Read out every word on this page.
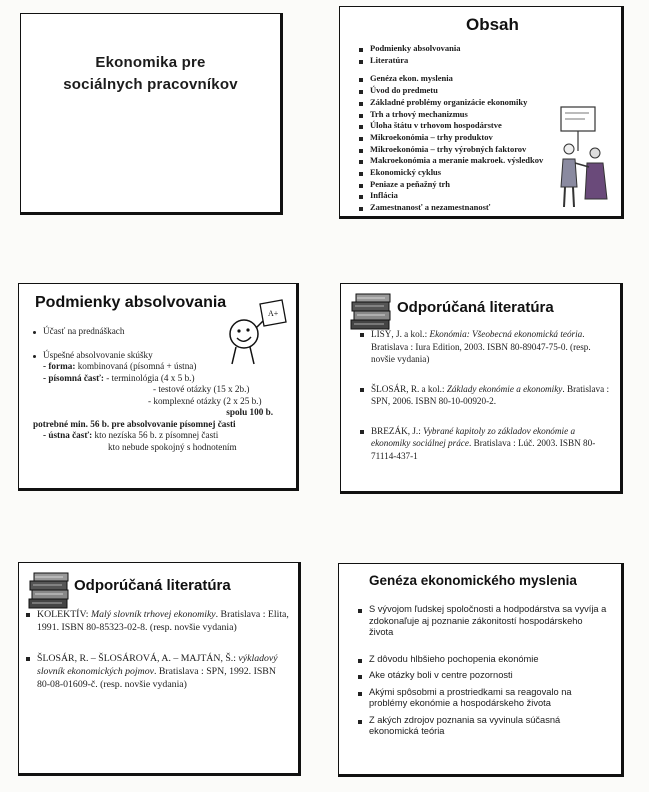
Ekonomika pre sociálnych pracovníkov
Obsah
Podmienky absolvovania
Literatúra
Genéza ekon. myslenia
Úvod do predmetu
Základné problémy organizácie ekonomiky
Trh a trhový mechanizmus
Úloha štátu v trhovom hospodárstve
Mikroekonómia – trhy produktov
Mikroekonómia – trhy výrobných faktorov
Makroekonómia a meranie makroek. výsledkov
Ekonomický cyklus
Peniaze a peňažný trh
Inflácia
Zamestnanosť a nezamestnanosť
Podmienky absolvovania
A+
Účasť na prednáškach
Úspešné absolvovanie skúšky

- forma: kombinovaná (písomná + ústna)

- písomná časť: - terminológia (4 x 5 b.)

- testové otázky (15 x 2b.)

- komplexné otázky (2 x 25 b.)

spolu 100 b.

potrebné min. 56 b. pre absolvovanie písomnej časti

- ústna časť: kto nezíska 56 b. z písomnej časti

kto nebude spokojný s hodnotením

Odporúčaná literatúra
LISÝ, J. a kol.: Ekonómia: Všeobecná ekonomická teória. Bratislava : Iura Edition, 2003. ISBN 80-89047-75-0. (resp. novšie vydania)
ŠLOSÁR, R. a kol.: Základy ekonómie a ekonomiky. Bratislava : SPN, 2006. ISBN 80-10-00920-2.
BREZÁK, J.: Vybrané kapitoly zo základov ekonómie a ekonomiky sociálnej práce. Bratislava : Lúč. 2003. ISBN 80-71114-437-1
Odporúčaná literatúra
KOLEKTÍV: Malý slovník trhovej ekonomiky. Bratislava : Elita, 1991. ISBN 80-85323-02-8. (resp. novšie vydania)
ŠLOSÁR, R. – ŠLOSÁROVÁ, A. – MAJTÁN, Š.: výkladový slovník ekonomických pojmov. Bratislava : SPN, 1992. ISBN 80-08-01609-č. (resp. novšie vydania)
Genéza ekonomického myslenia
S vývojom ľudskej spoločnosti a hodpodárstva sa vyvíja a zdokonaľuje aj poznanie zákonitostí hospodárskeho života
Z dôvodu hlbšieho pochopenia ekonómie
Ake otázky boli v centre pozornosti
Akými spôsobmi a prostriedkami sa reagovalo na problémy ekonómie a hospodárskeho života
Z akých zdrojov poznania sa vyvinula súčasná ekonomická teória
